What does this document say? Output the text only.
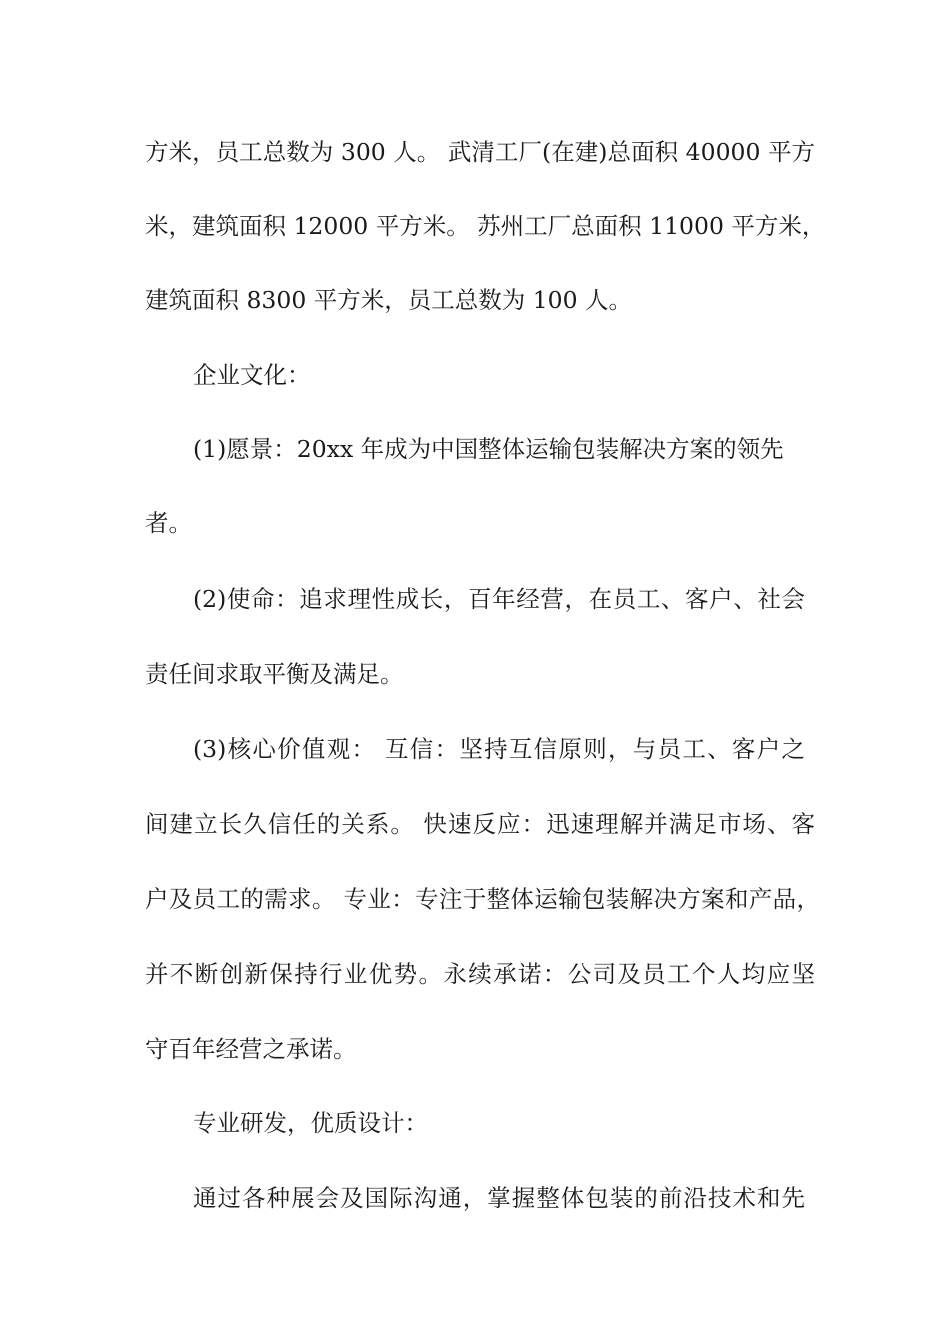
方米，员工总数为 300 人。 武清工厂(在建)总面积 40000 平方
米，建筑面积 12000 平方米。 苏州工厂总面积 11000 平方米，
建筑面积 8300 平方米，员工总数为 100 人。
企业文化：
(1)愿景：20xx 年成为中国整体运输包装解决方案的领先
者。
(2)使命：追求理性成长，百年经营，在员工、客户、社会
责任间求取平衡及满足。
(3)核心价值观： 互信：坚持互信原则，与员工、客户之
间建立长久信任的关系。 快速反应：迅速理解并满足市场、客
户及员工的需求。 专业：专注于整体运输包装解决方案和产品，
并不断创新保持行业优势。永续承诺：公司及员工个人均应坚
守百年经营之承诺。
专业研发，优质设计：
通过各种展会及国际沟通，掌握整体包装的前沿技术和先
